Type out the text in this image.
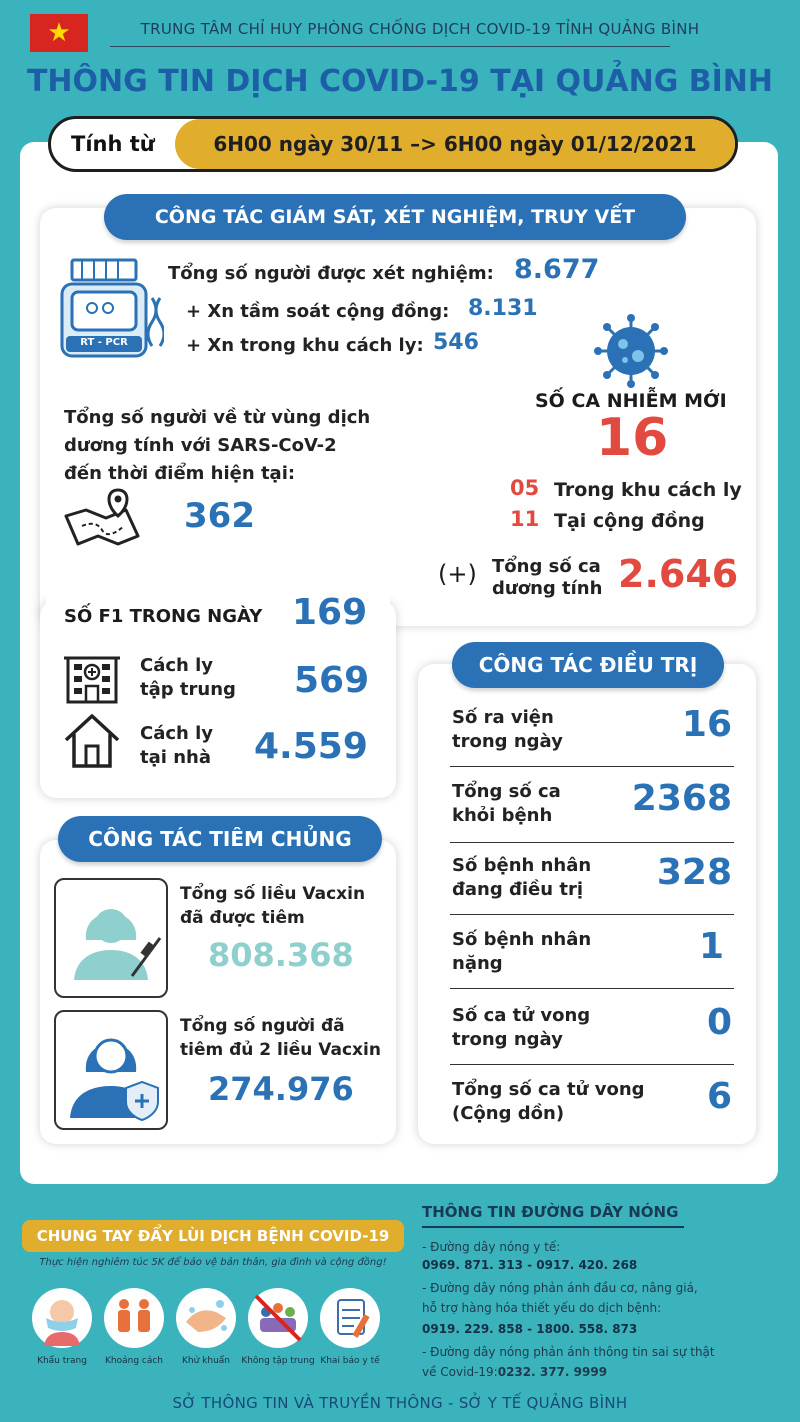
★	TRUNG TÂM CHỈ HUY PHÒNG CHỐNG DỊCH COVID-19 TỈNH QUẢNG BÌNH
THÔNG TIN DỊCH COVID-19 TẠI QUẢNG BÌNH
Tính từ	6H00 ngày 30/11 –> 6H00 ngày 01/12/2021
CÔNG TÁC GIÁM SÁT, XÉT NGHIỆM, TRUY VẾT
RT - PCR
Tổng số người được xét nghiệm: 8.677
+ Xn tầm soát cộng đồng: 8.131
+ Xn trong khu cách ly: 546
SỐ CA NHIỄM MỚI
16
05 Trong khu cách ly
11 Tại cộng đồng
(+) Tổng số ca
dương tính 2.646
Tổng số người về từ vùng dịch
dương tính với SARS-CoV-2
đến thời điểm hiện tại:
362
SỐ F1 TRONG NGÀY 169
Cách ly
tập trung 569
Cách ly
tại nhà 4.559
CÔNG TÁC ĐIỀU TRỊ
Số ra viện
trong ngày	16
Tổng số ca
khỏi bệnh 2368
Số bệnh nhân
đang điều trị 328
Số bệnh nhân
nặng	1
Số ca tử vong
trong ngày	0
Tổng số ca tử vong
(Cộng dồn)	6
CÔNG TÁC TIÊM CHỦNG
Tổng số liều Vacxin
đã được tiêm
808.368
Tổng số người đã
tiêm đủ 2 liều Vacxin
274.976
CHUNG TAY ĐẨY LÙI DỊCH BỆNH COVID-19
Thực hiện nghiêm túc 5K để bảo vệ bản thân, gia đình và cộng đồng!
Khẩu trang	Khoảng cách	Khử khuẩn	Không tập trung Khai báo y tế
THÔNG TIN ĐƯỜNG DÂY NÓNG
- Đường dây nóng y tế:
0969. 871. 313 - 0917. 420. 268
- Đường dây nóng phản ánh đầu cơ, nâng giá,
hỗ trợ hàng hóa thiết yếu do dịch bệnh:
0919. 229. 858 - 1800. 558. 873
- Đường dây nóng phản ánh thông tin sai sự thật
về Covid-19:0232. 377. 9999
SỞ THÔNG TIN VÀ TRUYỀN THÔNG - SỞ Y TẾ QUẢNG BÌNH
